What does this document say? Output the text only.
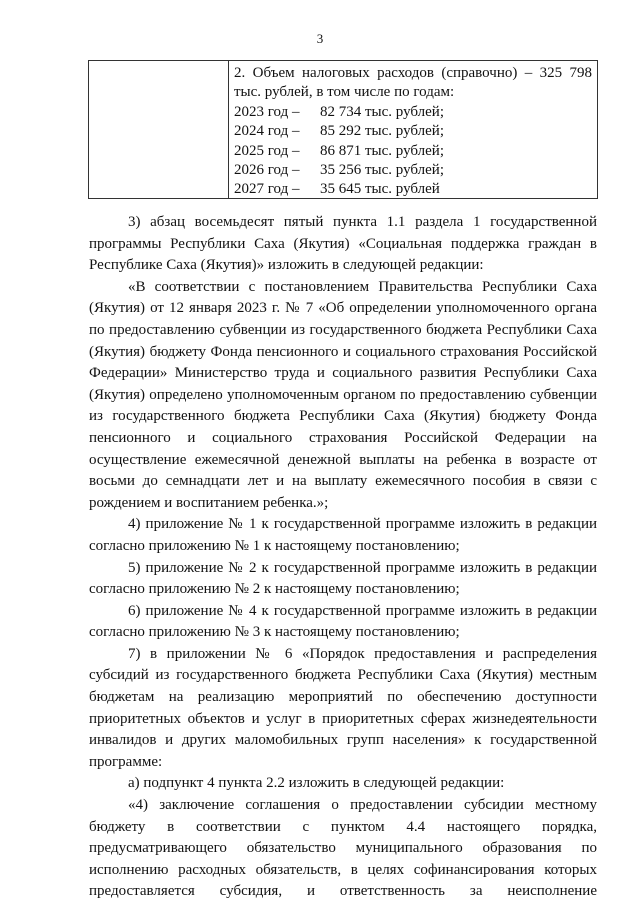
3
2. Объем налоговых расходов (справочно) – 325 798 тыс. рублей, в том числе по годам:
2023 год –	82 734 тыс. рублей;
2024 год –	85 292 тыс. рублей;
2025 год –	86 871 тыс. рублей;
2026 год –	35 256 тыс. рублей;
2027 год –	35 645 тыс. рублей

3) абзац восемьдесят пятый пункта 1.1 раздела 1 государственной программы Республики Саха (Якутия) «Социальная поддержка граждан в Республике Саха (Якутия)» изложить в следующей редакции:

«В соответствии с постановлением Правительства Республики Саха (Якутия) от 12 января 2023 г. № 7 «Об определении уполномоченного органа по предоставлению субвенции из государственного бюджета Республики Саха (Якутия) бюджету Фонда пенсионного и социального страхования Российской Федерации» Министерство труда и социального развития Республики Саха (Якутия) определено уполномоченным органом по предоставлению субвенции из государственного бюджета Республики Саха (Якутия) бюджету Фонда пенсионного и социального страхования Российской Федерации на осуществление ежемесячной денежной выплаты на ребенка в возрасте от восьми до семнадцати лет и на выплату ежемесячного пособия в связи с рождением и воспитанием ребенка.»;

4) приложение № 1 к государственной программе изложить в редакции согласно приложению № 1 к настоящему постановлению;

5) приложение № 2 к государственной программе изложить в редакции согласно приложению № 2 к настоящему постановлению;

6) приложение № 4 к государственной программе изложить в редакции согласно приложению № 3 к настоящему постановлению;

7) в приложении № 6 «Порядок предоставления и распределения субсидий из государственного бюджета Республики Саха (Якутия) местным бюджетам на реализацию мероприятий по обеспечению доступности приоритетных объектов и услуг в приоритетных сферах жизнедеятельности инвалидов и других маломобильных групп населения» к государственной программе:

а) подпункт 4 пункта 2.2 изложить в следующей редакции:

«4) заключение соглашения о предоставлении субсидии местному бюджету в соответствии с пунктом 4.4 настоящего порядка, предусматривающего обязательство муниципального образования по исполнению расходных обязательств, в целях софинансирования которых предоставляется субсидия, и ответственность за неисполнение
